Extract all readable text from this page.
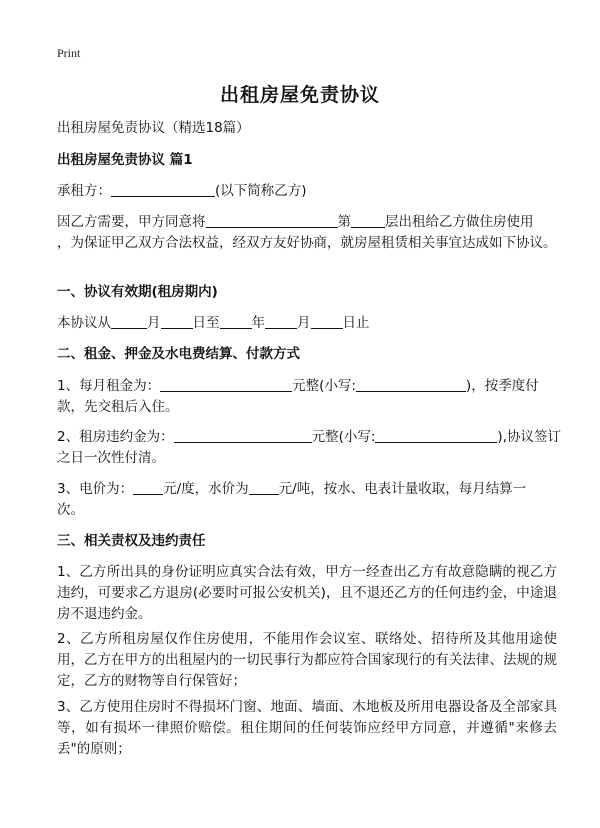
Print
出租房屋免责协议
出租房屋免责协议（精选18篇）
出租房屋免责协议 篇1
承租方：	(以下简称乙方)
因乙方需要，甲方同意将	第	层出租给乙方做住房使用
，为保证甲乙双方合法权益，经双方友好协商，就房屋租赁相关事宜达成如下协议。
一、协议有效期(租房期内)
本协议从	月 日至 年 月 日止
二、租金、押金及水电费结算、付款方式
1、每月租金为：	元整(小写:	)，按季度付
款，先交租后入住。
2、租房违约金为：	元整(小写:	),协议签订
之日一次性付清。
3、电价为： 元/度，水价为 元/吨，按水、电表计量收取，每月结算一
次。
三、相关责权及违约责任
1、乙方所出具的身份证明应真实合法有效，甲方一经查出乙方有故意隐瞒的视乙方违约，可要求乙方退房(必要时可报公安机关)，且不退还乙方的任何违约金，中途退房不退违约金。
2、乙方所租房屋仅作住房使用，不能用作会议室、联络处、招待所及其他用途使用，乙方在甲方的出租屋内的一切民事行为都应符合国家现行的有关法律、法规的规定，乙方的财物等自行保管好；
3、乙方使用住房时不得损坏门窗、地面、墙面、木地板及所用电器设备及全部家具等，如有损坏一律照价赔偿。租住期间的任何装饰应经甲方同意，并遵循"来修去丢"的原则；
